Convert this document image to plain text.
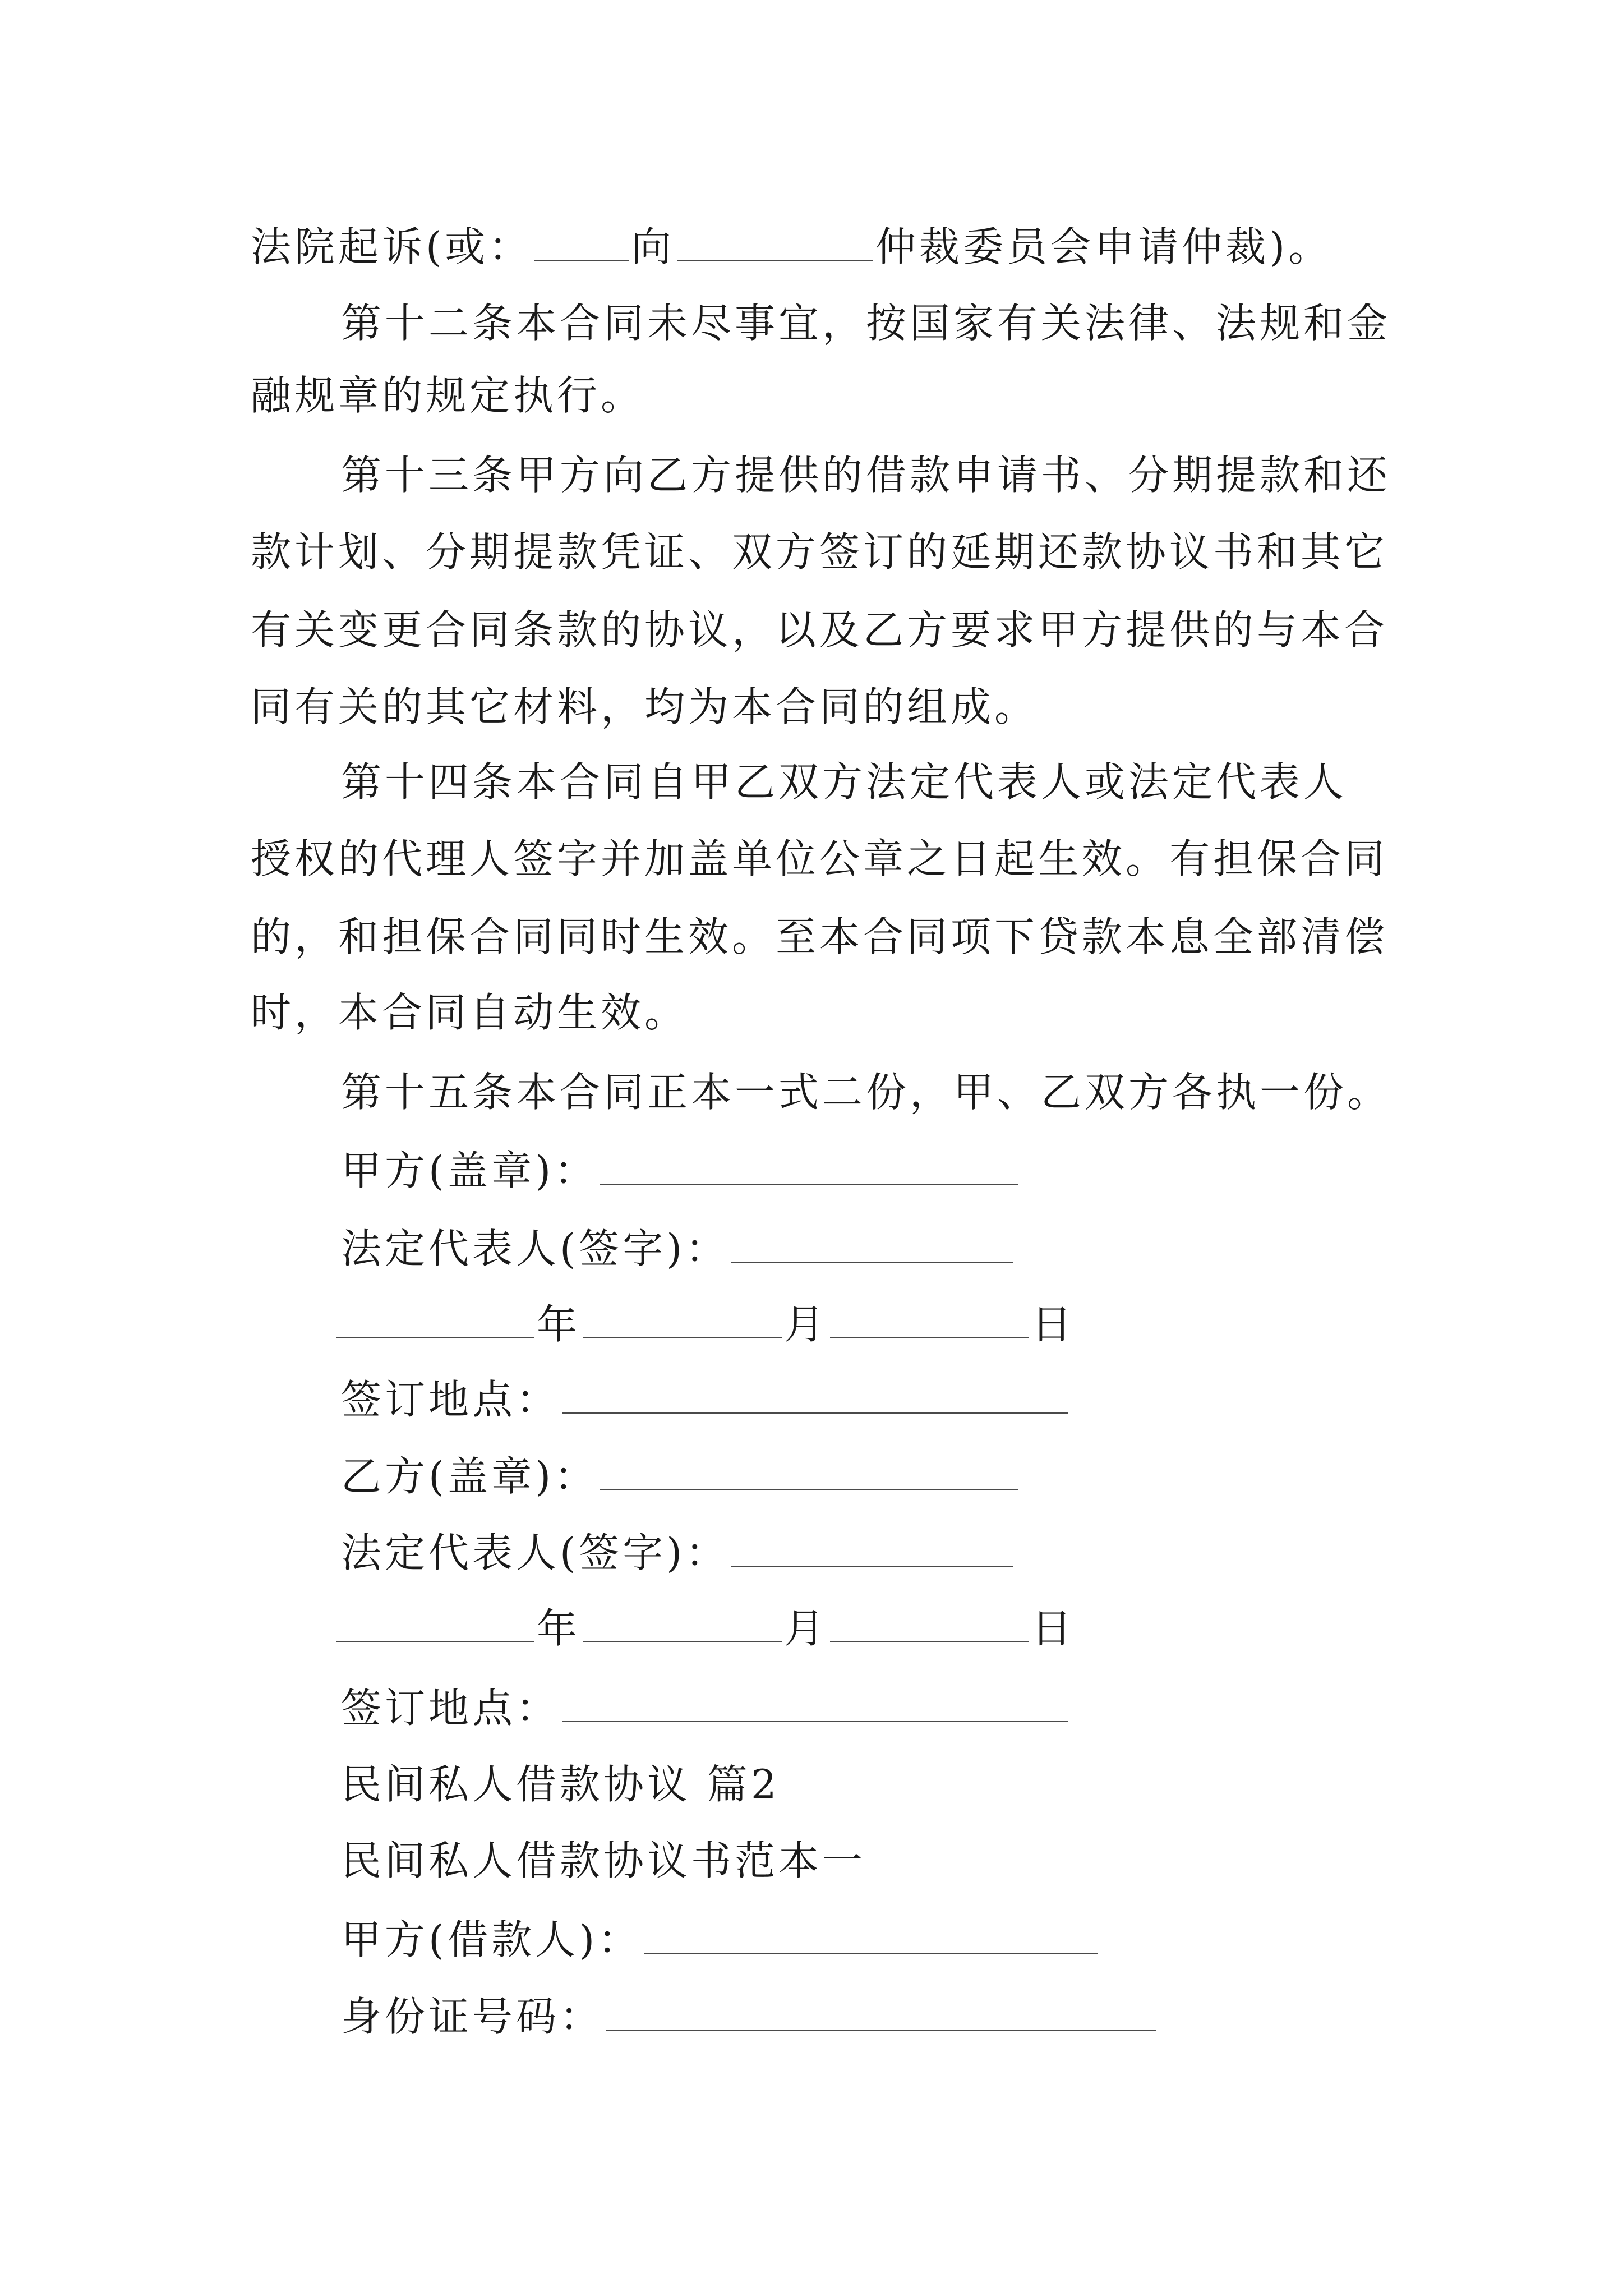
法院起诉(或： 向	仲裁委员会申请仲裁)。
第十二条本合同未尽事宜，按国家有关法律、法规和金
融规章的规定执行。
第十三条甲方向乙方提供的借款申请书、分期提款和还
款计划、分期提款凭证、双方签订的延期还款协议书和其它
有关变更合同条款的协议，以及乙方要求甲方提供的与本合
同有关的其它材料，均为本合同的组成。
第十四条本合同自甲乙双方法定代表人或法定代表人
授权的代理人签字并加盖单位公章之日起生效。有担保合同
的，和担保合同同时生效。至本合同项下贷款本息全部清偿
时，本合同自动生效。
第十五条本合同正本一式二份，甲、乙双方各执一份。
甲方(盖章)：
法定代表人(签字)：
年	月	日
签订地点：
乙方(盖章)：
法定代表人(签字)：
年	月	日
签订地点：
民间私人借款协议 篇2
民间私人借款协议书范本一
甲方(借款人)：
身份证号码：
